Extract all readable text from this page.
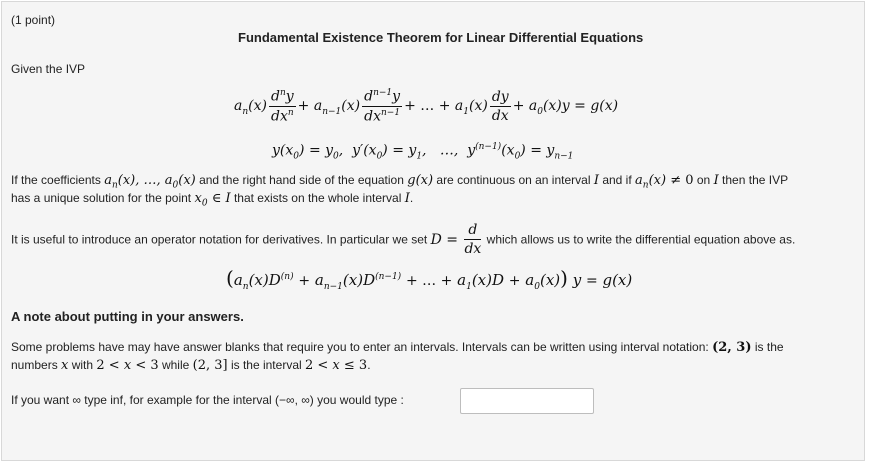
(1 point)
Fundamental Existence Theorem for Linear Differential Equations
Given the IVP
$a_n(x) \frac{d^ny}{dx^n} + a_{n-1}(x) \frac{d^{n-1}y}{dx^{n-1}}$ + … + $a_1(x) \frac{dy}{dx} + a_0(x)y = g(x)$
$y(x_0) = y_0$,  $y'(x_0) = y_1$,   …,  $y^{(n-1)}(x_0) = y_{n-1}$
If the coefficients $a_n(x)$, …, $a_0(x)$ and the right hand side of the equation g(x) are continuous on an interval I and if $a_n(x) \ne 0$ on I then the IVP
has a unique solution for the point $x_0$ ∈ I that exists on the whole interval I.
It is useful to introduce an operator notation for derivatives. In particular we set $D = \frac{d}{dx}$ which allows us to write the differential equation above as.
($a_n(x)D^{(n)} + a_{n-1}(x)D^{(n-1)}$ + … + $a_1(x)D + a_0(x)$) y = g(x)
A note about putting in your answers.
Some problems have may have answer blanks that require you to enter an intervals. Intervals can be written using interval notation: (2, 3) is the
numbers x with 2 < x < 3 while (2, 3] is the interval 2 < x ≤ 3.
If you want ∞ type inf, for example for the interval (−∞, ∞) you would type :
